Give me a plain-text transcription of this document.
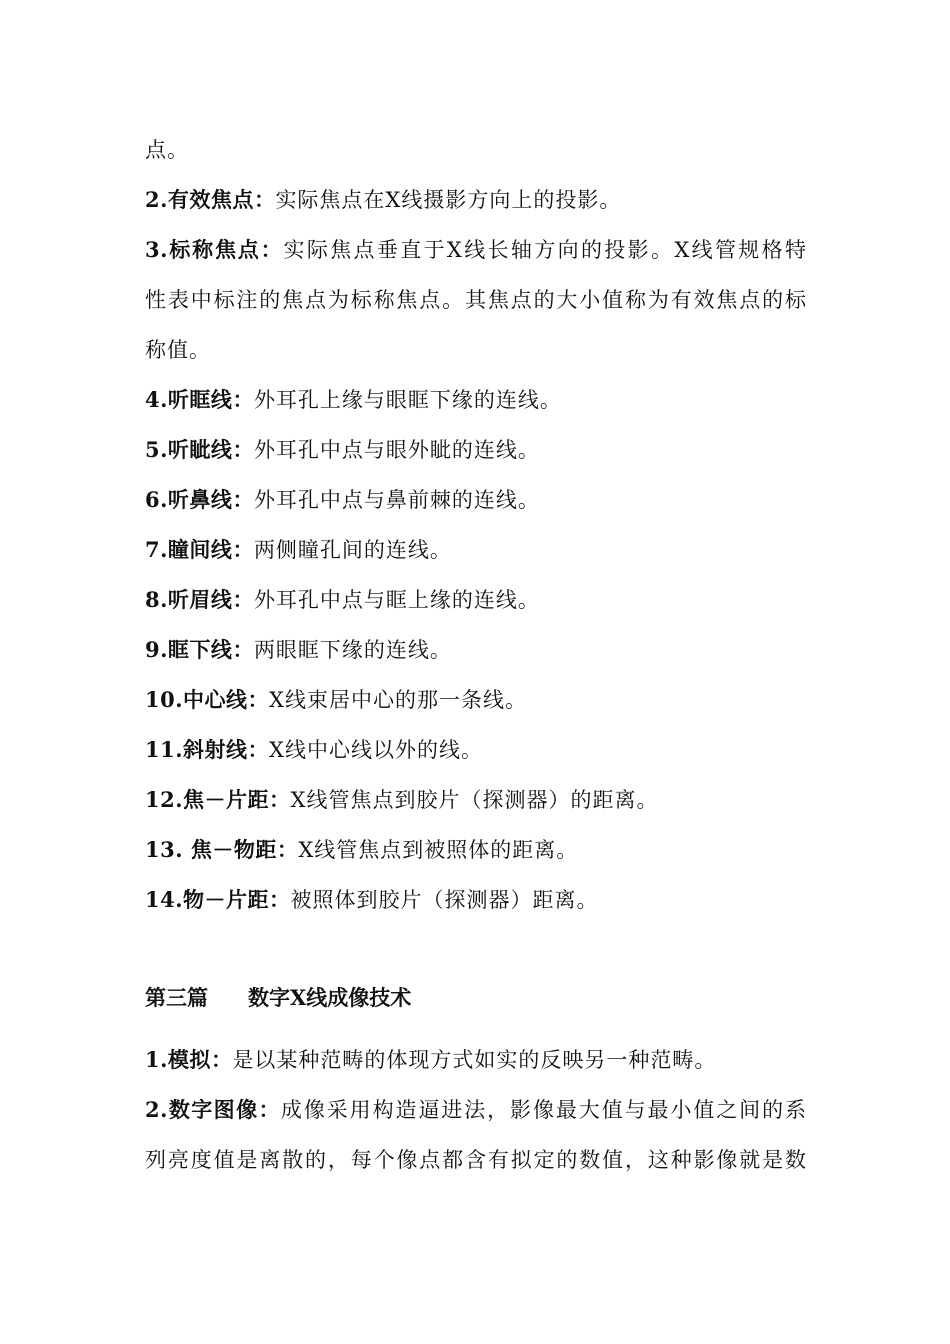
点。
2.有效焦点：实际焦点在X线摄影方向上的投影。
3.标称焦点：实际焦点垂直于X线长轴方向的投影。X线管规格特
性表中标注的焦点为标称焦点。其焦点的大小值称为有效焦点的标
称值。
4.听眶线：外耳孔上缘与眼眶下缘的连线。
5.听眦线：外耳孔中点与眼外眦的连线。
6.听鼻线：外耳孔中点与鼻前棘的连线。
7.瞳间线：两侧瞳孔间的连线。
8.听眉线：外耳孔中点与眶上缘的连线。
9.眶下线：两眼眶下缘的连线。
10.中心线：X线束居中心的那一条线。
11.斜射线：X线中心线以外的线。
12.焦－片距：X线管焦点到胶片（探测器）的距离。
13. 焦－物距：X线管焦点到被照体的距离。
14.物－片距：被照体到胶片（探测器）距离。
第三篇 数字X线成像技术
1.模拟：是以某种范畴的体现方式如实的反映另一种范畴。
2.数字图像：成像采用构造逼进法，影像最大值与最小值之间的系
列亮度值是离散的，每个像点都含有拟定的数值，这种影像就是数
